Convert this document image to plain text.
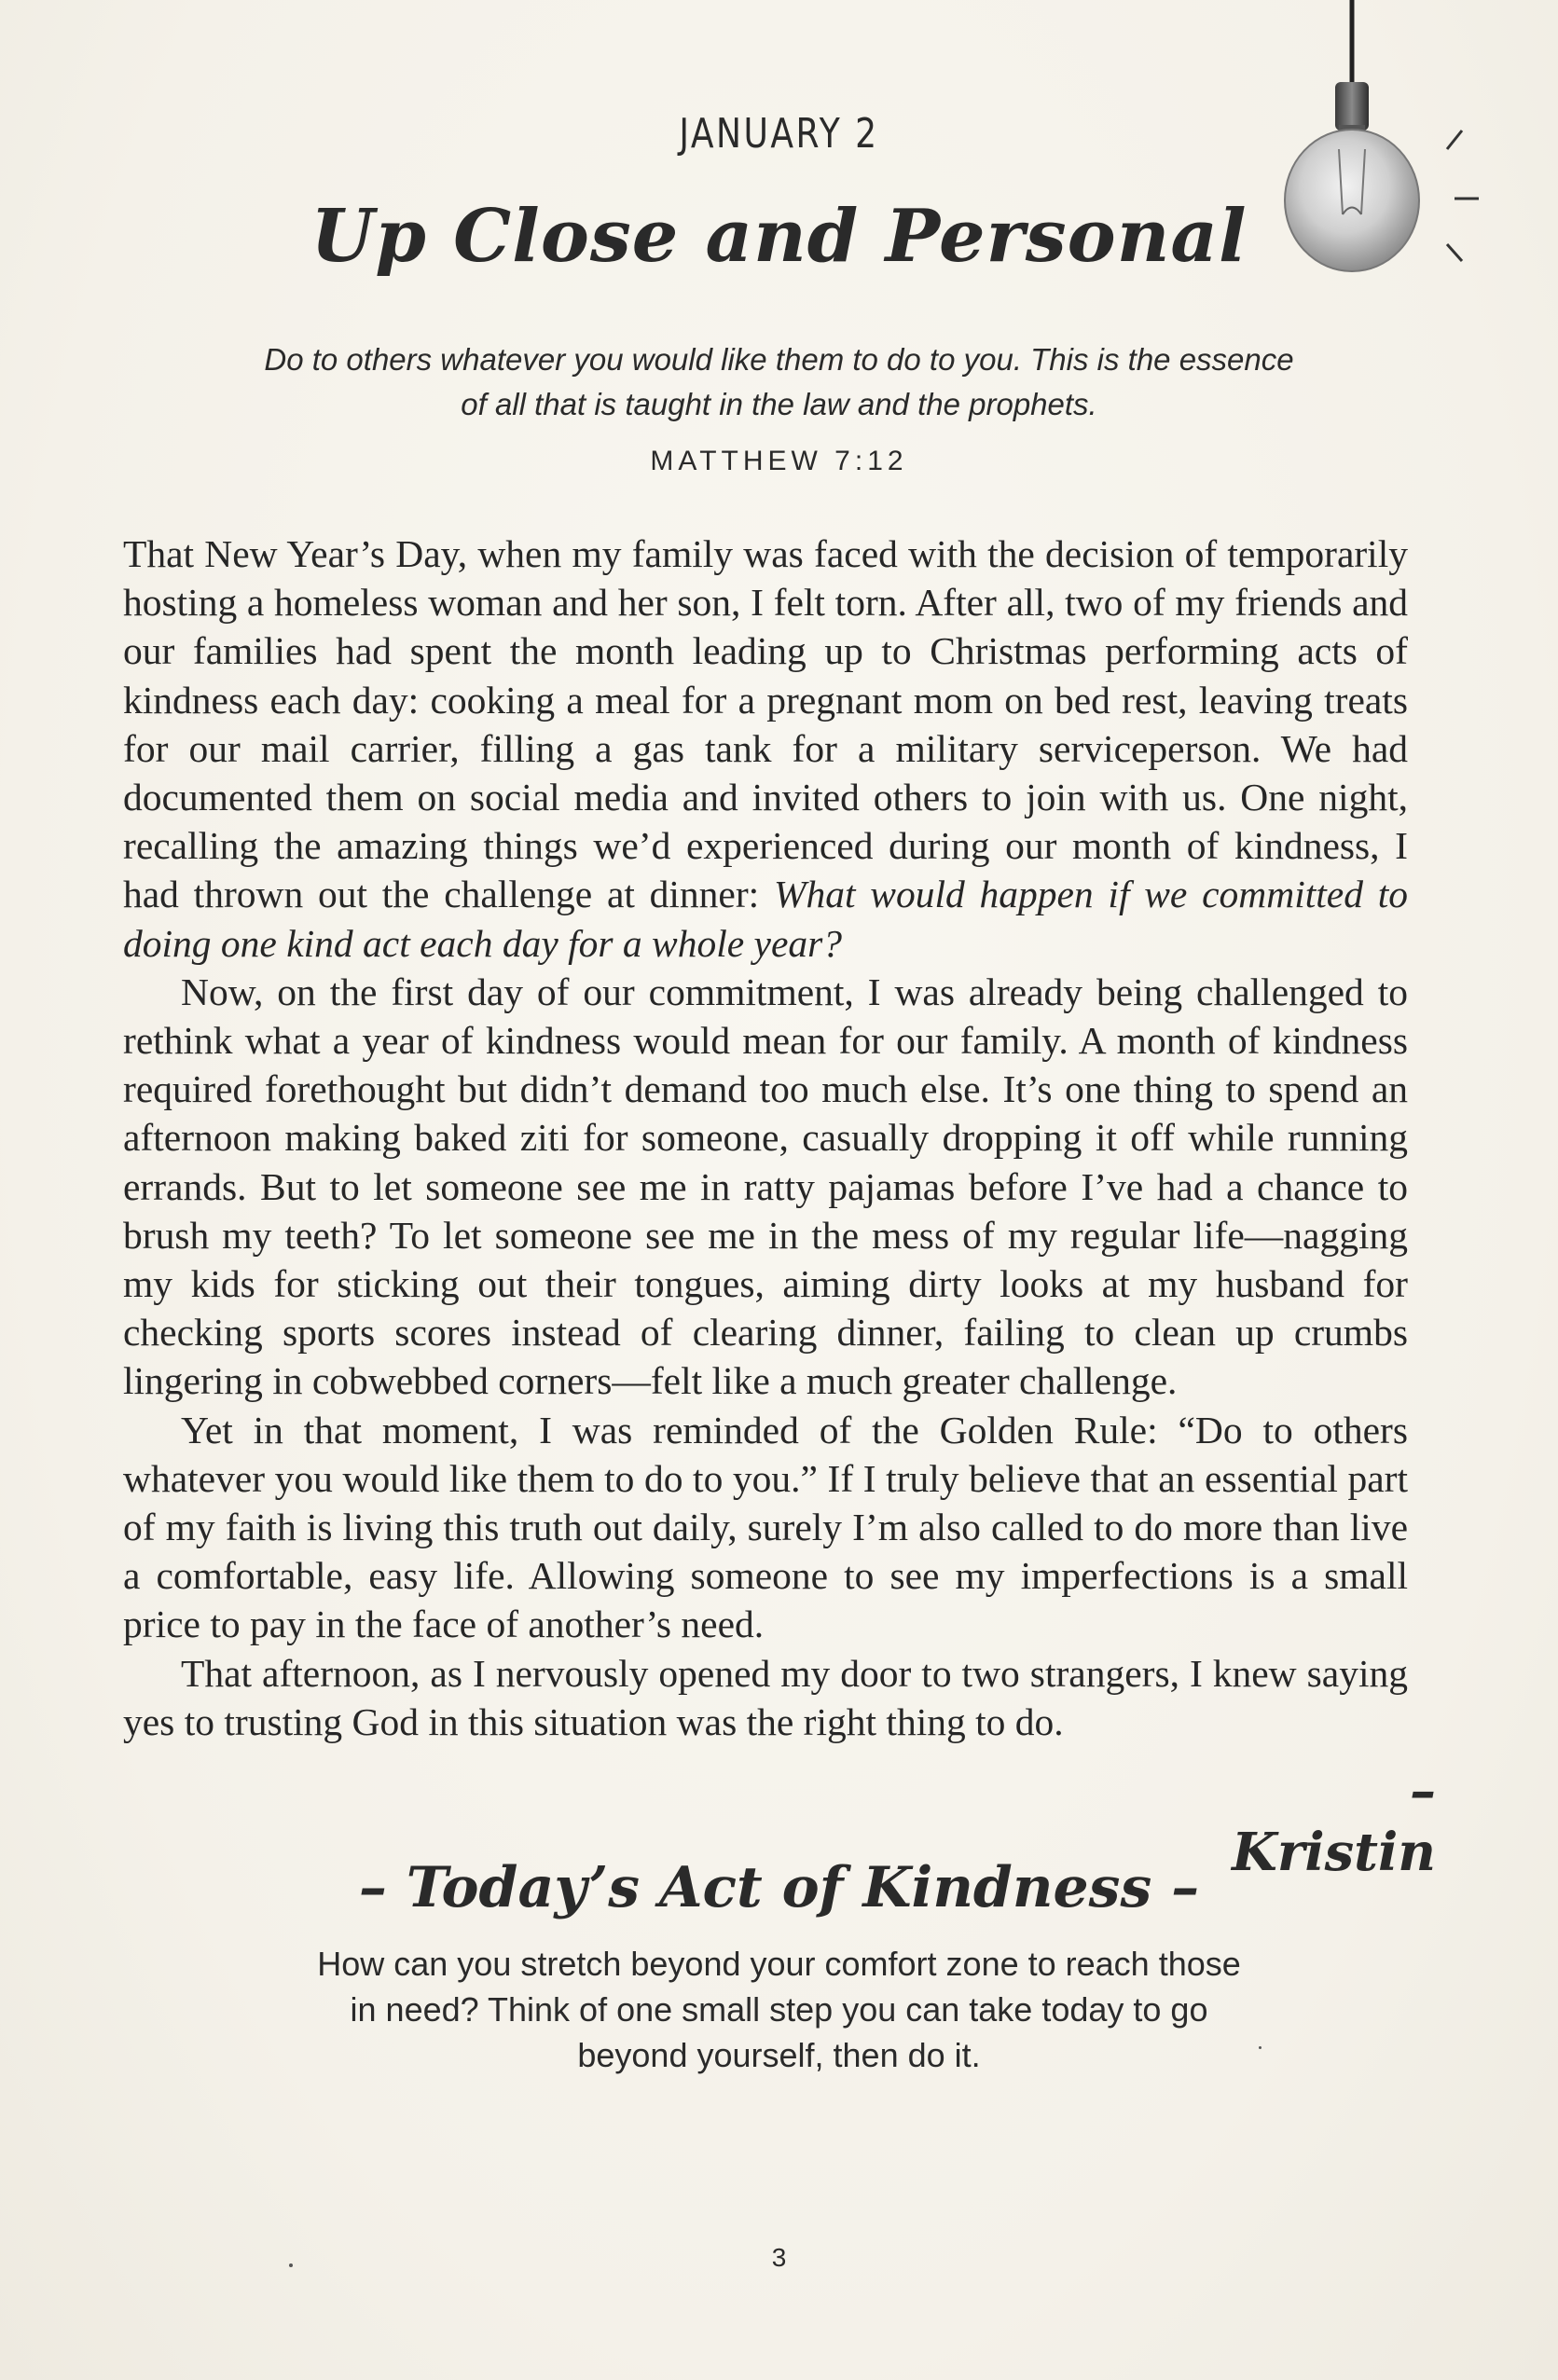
JANUARY 2
Up Close and Personal
Do to others whatever you would like them to do to you. This is the essence of all that is taught in the law and the prophets.
MATTHEW 7:12

That New Year’s Day, when my family was faced with the decision of temporarily hosting a homeless woman and her son, I felt torn. After all, two of my friends and our families had spent the month leading up to Christmas performing acts of kindness each day: cooking a meal for a pregnant mom on bed rest, leaving treats for our mail carrier, filling a gas tank for a military serviceperson. We had documented them on social media and invited others to join with us. One night, recalling the amazing things we’d experienced during our month of kindness, I had thrown out the challenge at dinner: What would happen if we committed to doing one kind act each day for a whole year?

Now, on the first day of our commitment, I was already being challenged to rethink what a year of kindness would mean for our family. A month of kindness required forethought but didn’t demand too much else. It’s one thing to spend an afternoon making baked ziti for someone, casually dropping it off while running errands. But to let someone see me in ratty pajamas before I’ve had a chance to brush my teeth? To let someone see me in the mess of my regular life—nagging my kids for sticking out their tongues, aiming dirty looks at my husband for checking sports scores instead of clearing dinner, failing to clean up crumbs lingering in cobwebbed corners—felt like a much greater challenge.

Yet in that moment, I was reminded of the Golden Rule: “Do to others whatever you would like them to do to you.” If I truly believe that an essential part of my faith is living this truth out daily, surely I’m also called to do more than live a comfortable, easy life. Allowing someone to see my imperfections is a small price to pay in the face of another’s need.

That afternoon, as I nervously opened my door to two strangers, I knew saying yes to trusting God in this situation was the right thing to do.

– Kristin
– Today’s Act of Kindness –
How can you stretch beyond your comfort zone to reach those in need? Think of one small step you can take today to go beyond yourself, then do it.
3
